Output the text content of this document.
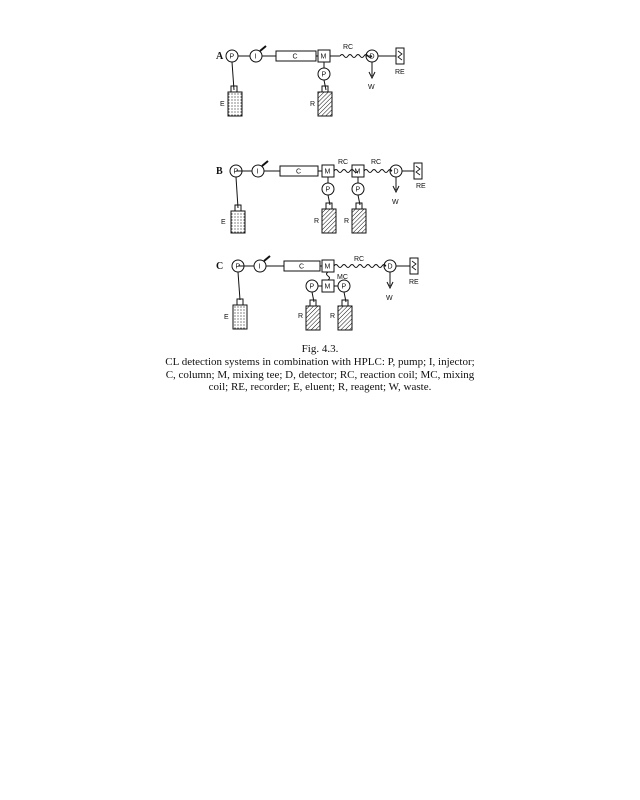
A P	I	C	M
RC
D
W
RE
E
P
R
B P	I	C	M
RC
M
RC
D
W
RE
E
P
R
P
R
C P	I	C	M
RC
D
W
RE
MC
M
P
R
P
R
E
Fig. 4.3.
CL detection systems in combination with HPLC: P, pump; I, injector; C, column; M, mixing tee; D, detector; RC, reaction coil; MC, mixing coil; RE, recorder; E, eluent; R, reagent; W, waste.
